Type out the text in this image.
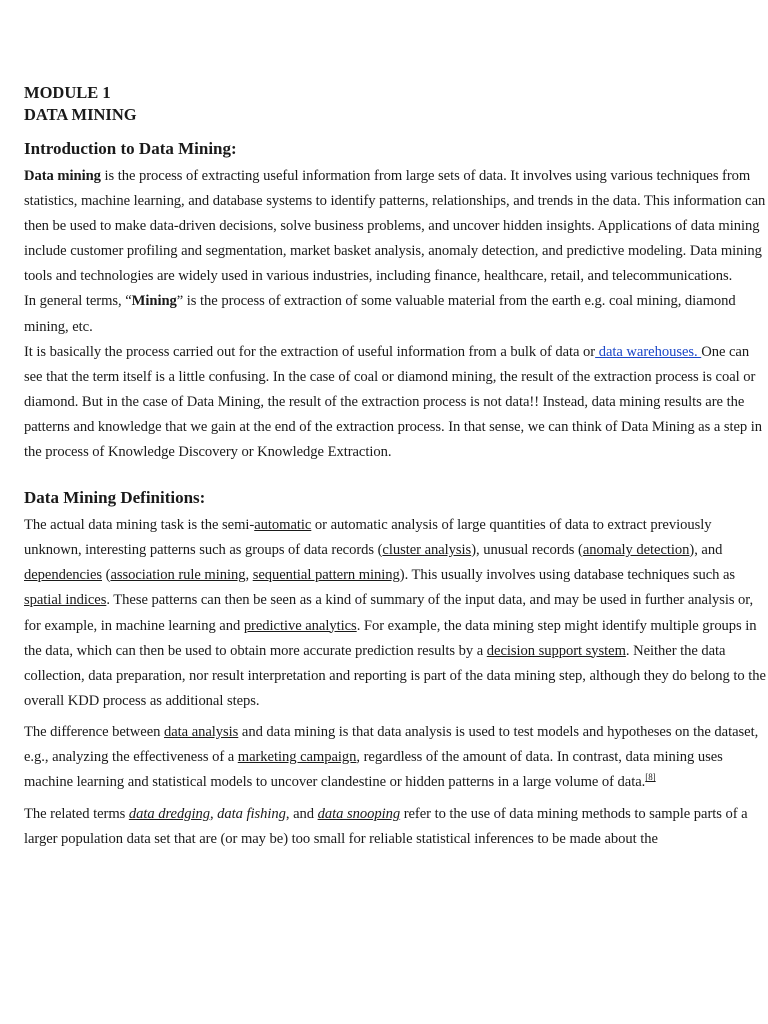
MODULE 1
DATA MINING
Introduction to Data Mining:

Data mining is the process of extracting useful information from large sets of data. It involves using various techniques from statistics, machine learning, and database systems to identify patterns, relationships, and trends in the data. This information can then be used to make data-driven decisions, solve business problems, and uncover hidden insights. Applications of data mining include customer profiling and segmentation, market basket analysis, anomaly detection, and predictive modeling. Data mining tools and technologies are widely used in various industries, including finance, healthcare, retail, and telecommunications.

In general terms, “Mining” is the process of extraction of some valuable material from the earth e.g. coal mining, diamond mining, etc.

It is basically the process carried out for the extraction of useful information from a bulk of data or data warehouses. One can see that the term itself is a little confusing. In the case of coal or diamond mining, the result of the extraction process is coal or diamond. But in the case of Data Mining, the result of the extraction process is not data!! Instead, data mining results are the patterns and knowledge that we gain at the end of the extraction process. In that sense, we can think of Data Mining as a step in the process of Knowledge Discovery or Knowledge Extraction.

Data Mining Definitions:

The actual data mining task is the semi-automatic or automatic analysis of large quantities of data to extract previously unknown, interesting patterns such as groups of data records (cluster analysis), unusual records (anomaly detection), and dependencies (association rule mining, sequential pattern mining). This usually involves using database techniques such as spatial indices. These patterns can then be seen as a kind of summary of the input data, and may be used in further analysis or, for example, in machine learning and predictive analytics. For example, the data mining step might identify multiple groups in the data, which can then be used to obtain more accurate prediction results by a decision support system. Neither the data collection, data preparation, nor result interpretation and reporting is part of the data mining step, although they do belong to the overall KDD process as additional steps.

The difference between data analysis and data mining is that data analysis is used to test models and hypotheses on the dataset, e.g., analyzing the effectiveness of a marketing campaign, regardless of the amount of data. In contrast, data mining uses machine learning and statistical models to uncover clandestine or hidden patterns in a large volume of data.[8]

The related terms data dredging, data fishing, and data snooping refer to the use of data mining methods to sample parts of a larger population data set that are (or may be) too small for reliable statistical inferences to be made about the
